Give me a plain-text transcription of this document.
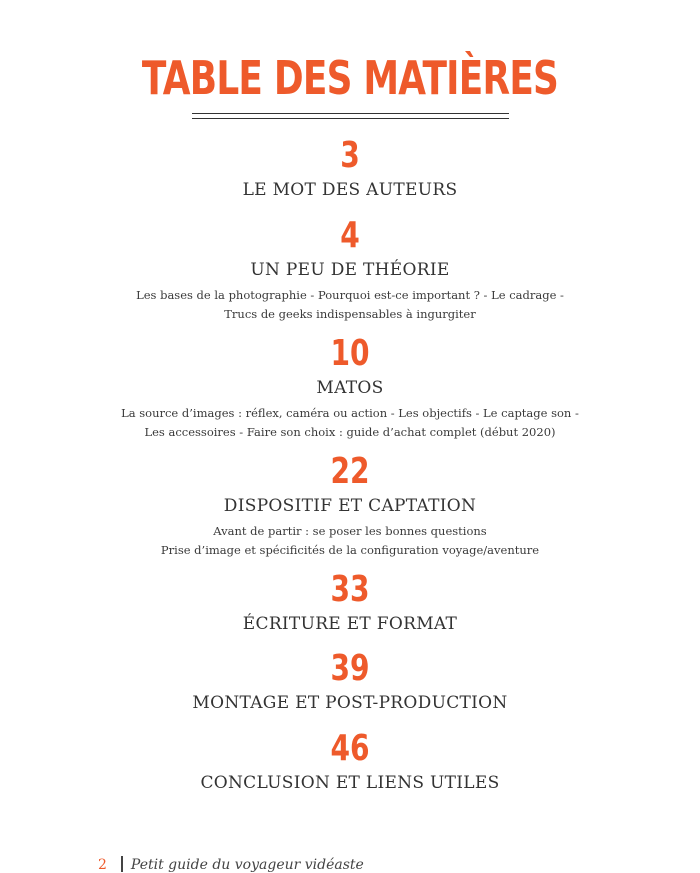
TABLE DES MATIÈRES
3
LE MOT DES AUTEURS
4
UN PEU DE THÉORIE
Les bases de la photographie - Pourquoi est-ce important ? - Le cadrage -
Trucs de geeks indispensables à ingurgiter
10
MATOS
La source d’images : réflex, caméra ou action - Les objectifs - Le captage son -
Les accessoires - Faire son choix : guide d’achat complet (début 2020)
22
DISPOSITIF ET CAPTATION
Avant de partir : se poser les bonnes questions
Prise d’image et spécificités de la configuration voyage/aventure
33
ÉCRITURE ET FORMAT
39
MONTAGE ET POST-PRODUCTION
46
CONCLUSION ET LIENS UTILES
2 Petit guide du voyageur vidéaste
